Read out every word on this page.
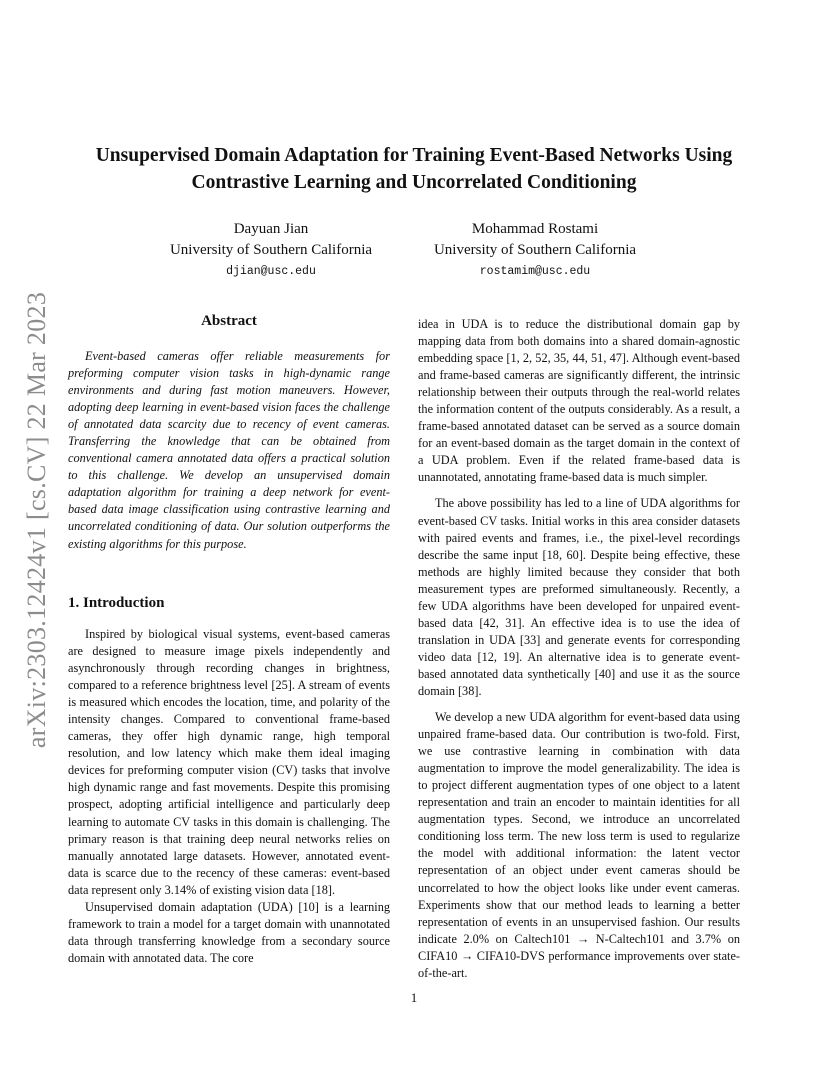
arXiv:2303.12424v1 [cs.CV] 22 Mar 2023
Unsupervised Domain Adaptation for Training Event-Based Networks Using Contrastive Learning and Uncorrelated Conditioning
Dayuan Jian
University of Southern California
djian@usc.edu
Mohammad Rostami
University of Southern California
rostamim@usc.edu
Abstract

Event-based cameras offer reliable measurements for preforming computer vision tasks in high-dynamic range environments and during fast motion maneuvers. However, adopting deep learning in event-based vision faces the challenge of annotated data scarcity due to recency of event cameras. Transferring the knowledge that can be obtained from conventional camera annotated data offers a practical solution to this challenge. We develop an unsupervised domain adaptation algorithm for training a deep network for event-based data image classification using contrastive learning and uncorrelated conditioning of data. Our solution outperforms the existing algorithms for this purpose.

1. Introduction

Inspired by biological visual systems, event-based cameras are designed to measure image pixels independently and asynchronously through recording changes in brightness, compared to a reference brightness level [25]. A stream of events is measured which encodes the location, time, and polarity of the intensity changes. Compared to conventional frame-based cameras, they offer high dynamic range, high temporal resolution, and low latency which make them ideal imaging devices for preforming computer vision (CV) tasks that involve high dynamic range and fast movements. Despite this promising prospect, adopting artificial intelligence and particularly deep learning to automate CV tasks in this domain is challenging. The primary reason is that training deep neural networks relies on manually annotated large datasets. However, annotated event-data is scarce due to the recency of these cameras: event-based data represent only 3.14% of existing vision data [18].

Unsupervised domain adaptation (UDA) [10] is a learning framework to train a model for a target domain with unannotated data through transferring knowledge from a secondary source domain with annotated data. The core

idea in UDA is to reduce the distributional domain gap by mapping data from both domains into a shared domain-agnostic embedding space [1, 2, 52, 35, 44, 51, 47]. Although event-based and frame-based cameras are significantly different, the intrinsic relationship between their outputs through the real-world relates the information content of the outputs considerably. As a result, a frame-based annotated dataset can be served as a source domain for an event-based domain as the target domain in the context of a UDA problem. Even if the related frame-based data is unannotated, annotating frame-based data is much simpler.

The above possibility has led to a line of UDA algorithms for event-based CV tasks. Initial works in this area consider datasets with paired events and frames, i.e., the pixel-level recordings describe the same input [18, 60]. Despite being effective, these methods are highly limited because they consider that both measurement types are preformed simultaneously. Recently, a few UDA algorithms have been developed for unpaired event-based data [42, 31]. An effective idea is to use the idea of translation in UDA [33] and generate events for corresponding video data [12, 19]. An alternative idea is to generate event-based annotated data synthetically [40] and use it as the source domain [38].

We develop a new UDA algorithm for event-based data using unpaired frame-based data. Our contribution is two-fold. First, we use contrastive learning in combination with data augmentation to improve the model generalizability. The idea is to project different augmentation types of one object to a latent representation and train an encoder to maintain identities for all augmentation types. Second, we introduce an uncorrelated conditioning loss term. The new loss term is used to regularize the model with additional information: the latent vector representation of an object under event cameras should be uncorrelated to how the object looks like under event cameras. Experiments show that our method leads to learning a better representation of events in an unsupervised fashion. Our results indicate 2.0% on Caltech101 → N-Caltech101 and 3.7% on CIFA10 → CIFA10-DVS performance improvements over state-of-the-art.

1
